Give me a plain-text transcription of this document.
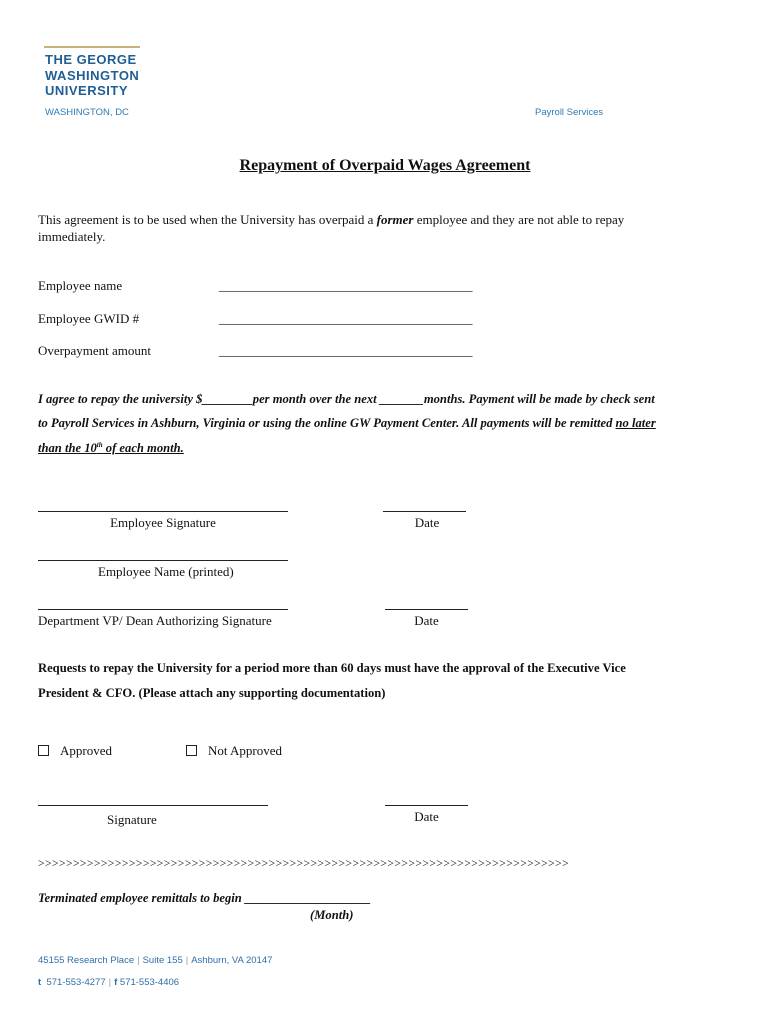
THE GEORGE
WASHINGTON
UNIVERSITY
WASHINGTON, DC	Payroll Services
Repayment of Overpaid Wages Agreement
This agreement is to be used when the University has overpaid a former employee and they are not able to repay
immediately.
Employee name	_______________________________________
Employee GWID #	_______________________________________
Overpayment amount	_______________________________________
I agree to repay the university $________per month over the next _______months. Payment will be made by check sent
to Payroll Services in Ashburn, Virginia or using the online GW Payment Center. All payments will be remitted no later
than the 10th of each month.
Employee Signature	Date
Employee Name (printed)
Department VP/ Dean Authorizing Signature	Date
Requests to repay the University for a period more than 60 days must have the approval of the Executive Vice
President & CFO. (Please attach any supporting documentation)
Approved	Not Approved
Signature	Date
>>>>>>>>>>>>>>>>>>>>>>>>>>>>>>>>>>>>>>>>>>>>>>>>>>>>>>>>>>>>>>>>>>>>>>>>>>>>
Terminated employee remittals to begin ____________________
(Month)
45155 Research Place | Suite 155 | Ashburn, VA 20147
t 571-553-4277 | f 571-553-4406
